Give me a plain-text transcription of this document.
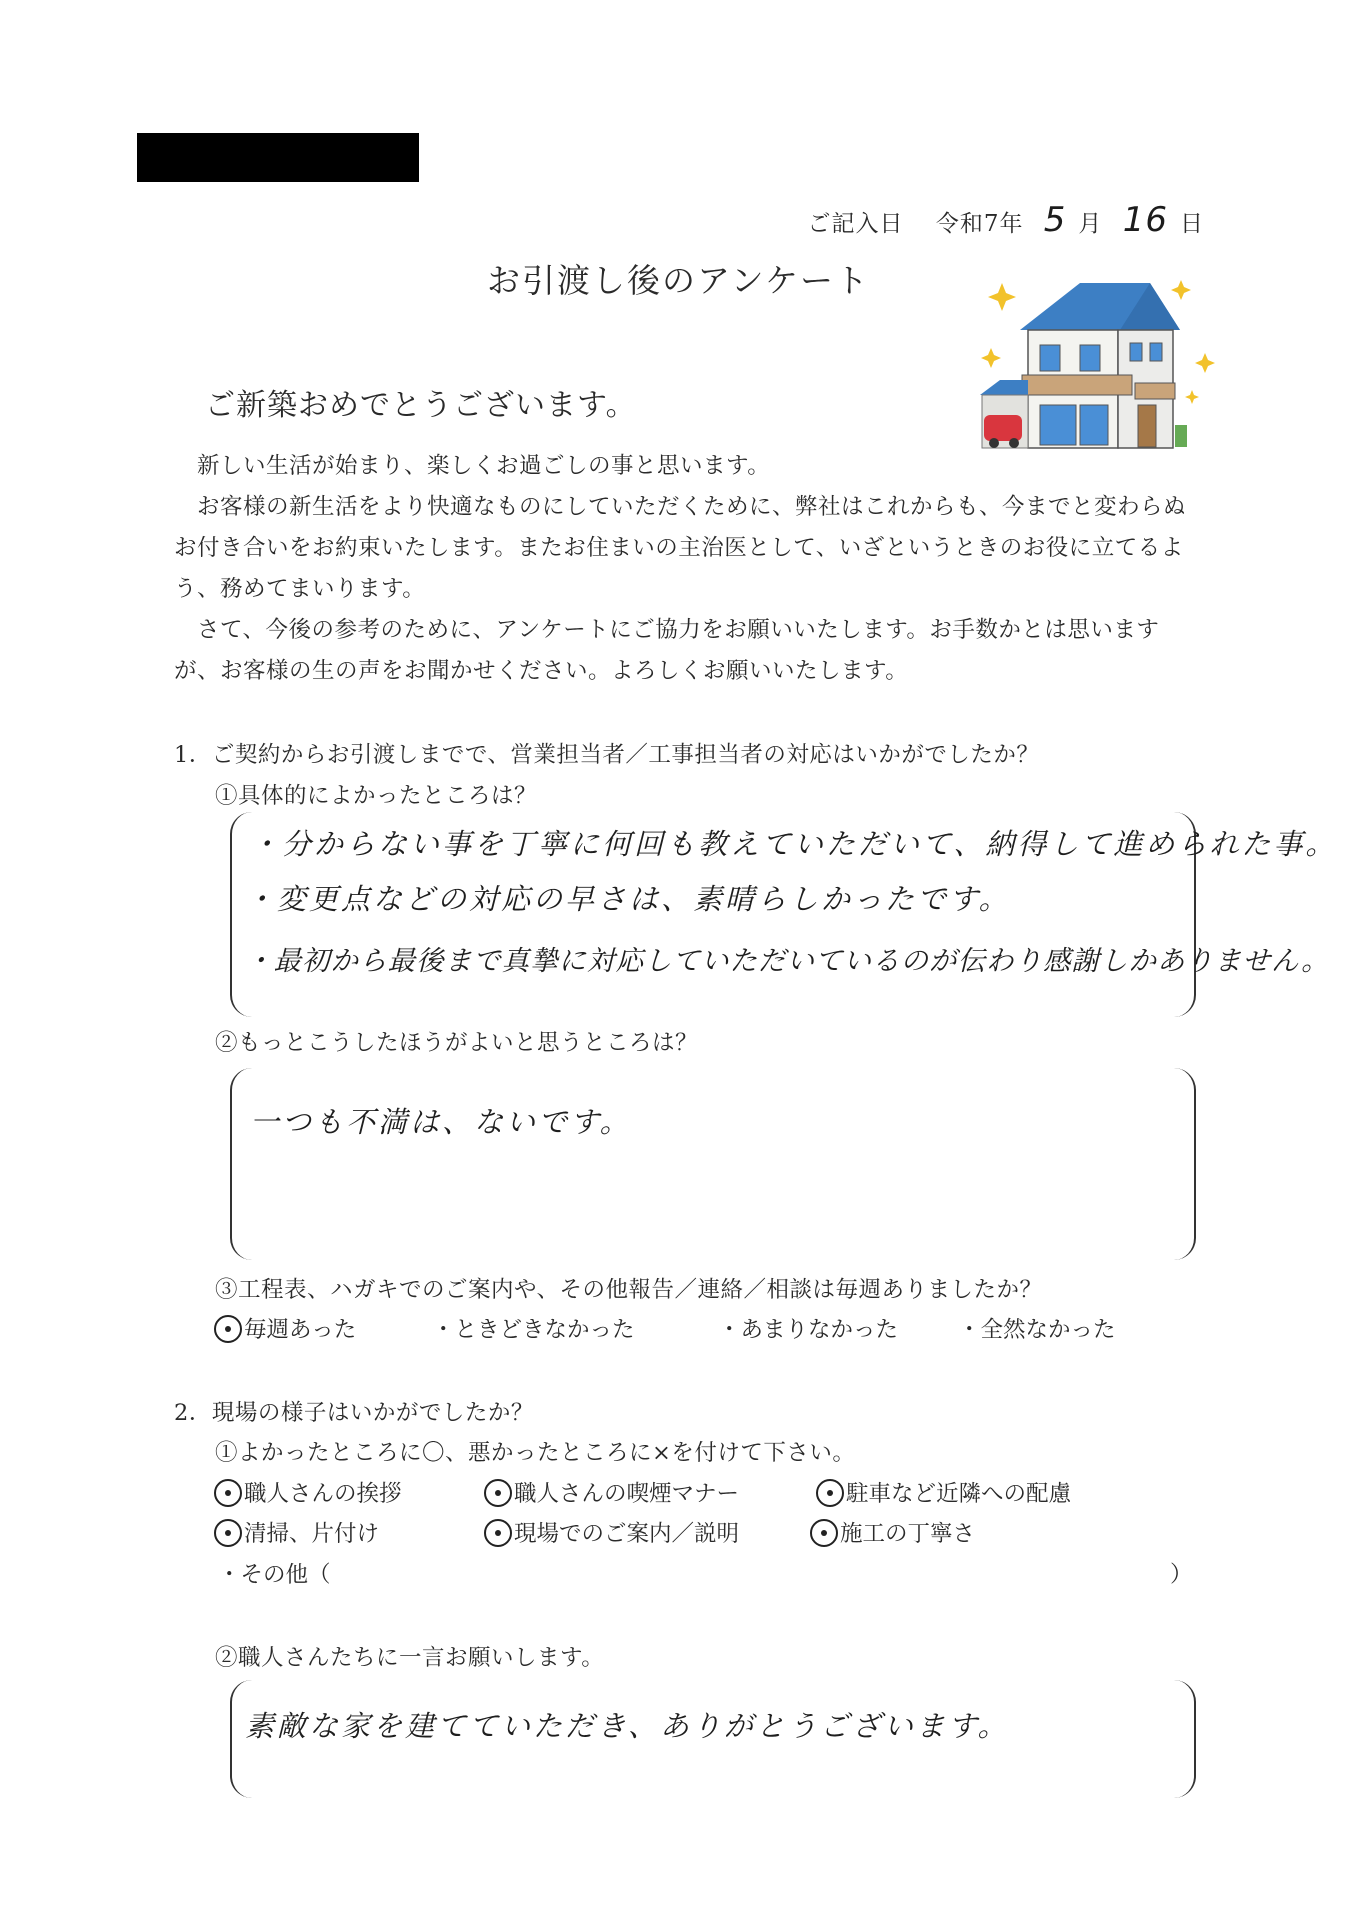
ご記入日　 令和7年 5 月 16 日
お引渡し後のアンケート
ご新築おめでとうございます。

新しい生活が始まり、楽しくお過ごしの事と思います。

お客様の新生活をより快適なものにしていただくために、弊社はこれからも、今までと変わらぬお付き合いをお約束いたします。またお住まいの主治医として、いざというときのお役に立てるよう、務めてまいります。

さて、今後の参考のために、アンケートにご協力をお願いいたします。お手数かとは思いますが、お客様の生の声をお聞かせください。よろしくお願いいたします。

1．ご契約からお引渡しまでで、営業担当者／工事担当者の対応はいかがでしたか？
①具体的によかったところは？
・分からない事を丁寧に何回も教えていただいて、納得して進められた事。
・変更点などの対応の早さは、素晴らしかったです。
・最初から最後まで真摯に対応していただいているのが伝わり感謝しかありません。
②もっとこうしたほうがよいと思うところは？
一つも不満は、ないです。
③工程表、ハガキでのご案内や、その他報告／連絡／相談は毎週ありましたか？
毎週あった	・ ときどきなかった	・ あまりなかった	・ 全然なかった
2．現場の様子はいかがでしたか？
①よかったところに〇、悪かったところに×を付けて下さい。
職人さんの挨拶	職人さんの喫煙マナー	駐車など近隣への配慮
清掃、片付け	現場でのご案内／説明	施工の丁寧さ
・ その他（	）
②職人さんたちに一言お願いします。
素敵な家を建てていただき、ありがとうございます。
